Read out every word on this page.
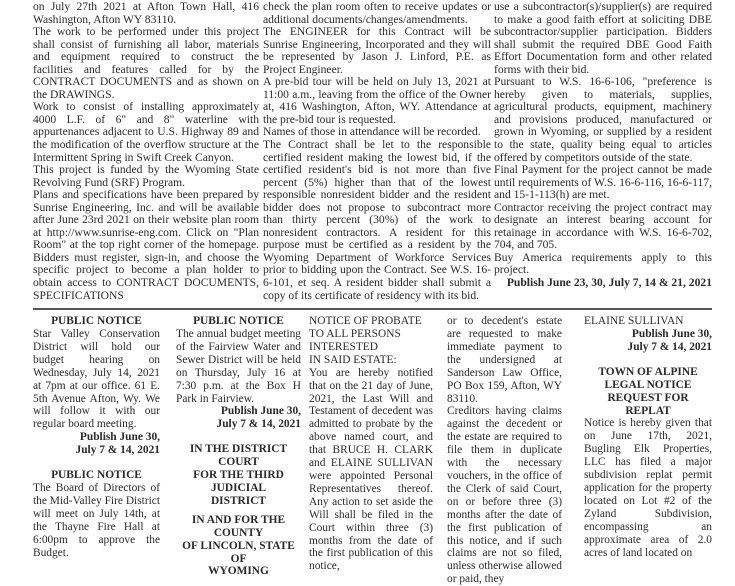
on July 27th 2021 at Afton Town Hall, 416 Washington, Afton WY 83110.

The work to be performed under this project shall consist of furnishing all labor, materials and equipment required to construct the facilities and features called for by the CONTRACT DOCUMENTS and as shown on the DRAWINGS.

Work to consist of installing approximately 4000 L.F. of 6" and 8" waterline with appurtenances adjacent to U.S. Highway 89 and the modification of the overflow structure at the Intermittent Spring in Swift Creek Canyon.

This project is funded by the Wyoming State Revolving Fund (SRF) Program.

Plans and specifications have been prepared by Sunrise Engineering, Inc. and will be available after June 23rd 2021 on their website plan room at http://www.sunrise-eng.com. Click on "Plan Room" at the top right corner of the homepage. Bidders must register, sign-in, and choose the specific project to become a plan holder to obtain access to CONTRACT DOCUMENTS, SPECIFICATIONS

check the plan room often to receive updates or additional documents/changes/amendments.

The ENGINEER for this Contract will be Sunrise Engineering, Incorporated and they will be represented by Jason J. Linford, P.E. as Project Engineer.

A pre-bid tour will be held on July 13, 2021 at 11:00 a.m., leaving from the office of the Owner at, 416 Washington, Afton, WY. Attendance at the pre-bid tour is requested.

Names of those in attendance will be recorded.

The Contract shall be let to the responsible certified resident making the lowest bid, if the certified resident's bid is not more than five percent (5%) higher than that of the lowest responsible nonresident bidder and the resident bidder does not propose to subcontract more than thirty percent (30%) of the work to nonresident contractors. A resident for this purpose must be certified as a resident by the Wyoming Department of Workforce Services prior to bidding upon the Contract. See W.S. 16-6-101, et seq. A resident bidder shall submit a copy of its certificate of residency with its bid.

use a subcontractor(s)/supplier(s) are required to make a good faith effort at soliciting DBE subcontractor/supplier participation. Bidders shall submit the required DBE Good Faith Effort Documentation form and other related forms with their bid.

Pursuant to W.S. 16-6-106, "preference is hereby given to materials, supplies, agricultural products, equipment, machinery and provisions produced, manufactured or grown in Wyoming, or supplied by a resident to the state, quality being equal to articles offered by competitors outside of the state.

Final Payment for the project cannot be made until requirements of W.S. 16-6-116, 16-6-117, and 15-1-113(h) are met.

Contractor receiving the project contract may designate an interest bearing account for retainage in accordance with W.S. 16-6-702, 704, and 705.

Buy America requirements apply to this project.

Publish June 23, 30, July 7, 14 & 21, 2021

PUBLIC NOTICE

Star Valley Conservation District will hold our budget hearing on Wednesday, July 14, 2021 at 7pm at our office. 61 E. 5th Avenue Afton, Wy. We will follow it with our regular board meeting.

Publish June 30,

July 7 & 14, 2021

PUBLIC NOTICE

The Board of Directors of the Mid-Valley Fire District will meet on July 14th, at the Thayne Fire Hall at 6:00pm to approve the Budget.

PUBLIC NOTICE

The annual budget meeting of the Fairview Water and Sewer District will be held on Thursday, July 16 at 7:30 p.m. at the Box H Park in Fairview.

Publish June 30,

July 7 & 14, 2021

IN THE DISTRICT COURT

FOR THE THIRD JUDICIAL

DISTRICT

IN AND FOR THE COUNTY

OF LINCOLN, STATE OF

WYOMING

NOTICE OF PROBATE

TO ALL PERSONS INTERESTED

IN SAID ESTATE:

You are hereby notified that on the 21 day of June, 2021, the Last Will and Testament of decedent was admitted to probate by the above named court, and that BRUCE H. CLARK and ELAINE SULLIVAN were appointed Personal Representatives thereof. Any action to set aside the Will shall be filed in the Court within three (3) months from the date of the first publication of this notice,

or to decedent's estate are requested to make immediate payment to the undersigned at Sanderson Law Office, PO Box 159, Afton, WY 83110.

Creditors having claims against the decedent or the estate are required to file them in duplicate with the necessary vouchers, in the office of the Clerk of said Court, on or before three (3) months after the date of the first publication of this notice, and if such claims are not so filed, unless otherwise allowed or paid, they

ELAINE SULLIVAN

Publish June 30,

July 7 & 14, 2021

TOWN OF ALPINE

LEGAL NOTICE

REQUEST FOR REPLAT

Notice is hereby given that on June 17th, 2021, Bugling Elk Properties, LLC has filed a major subdivision replat permit application for the property located on Lot #2 of the Zyland Subdivision, encompassing an approximate area of 2.0 acres of land located on
